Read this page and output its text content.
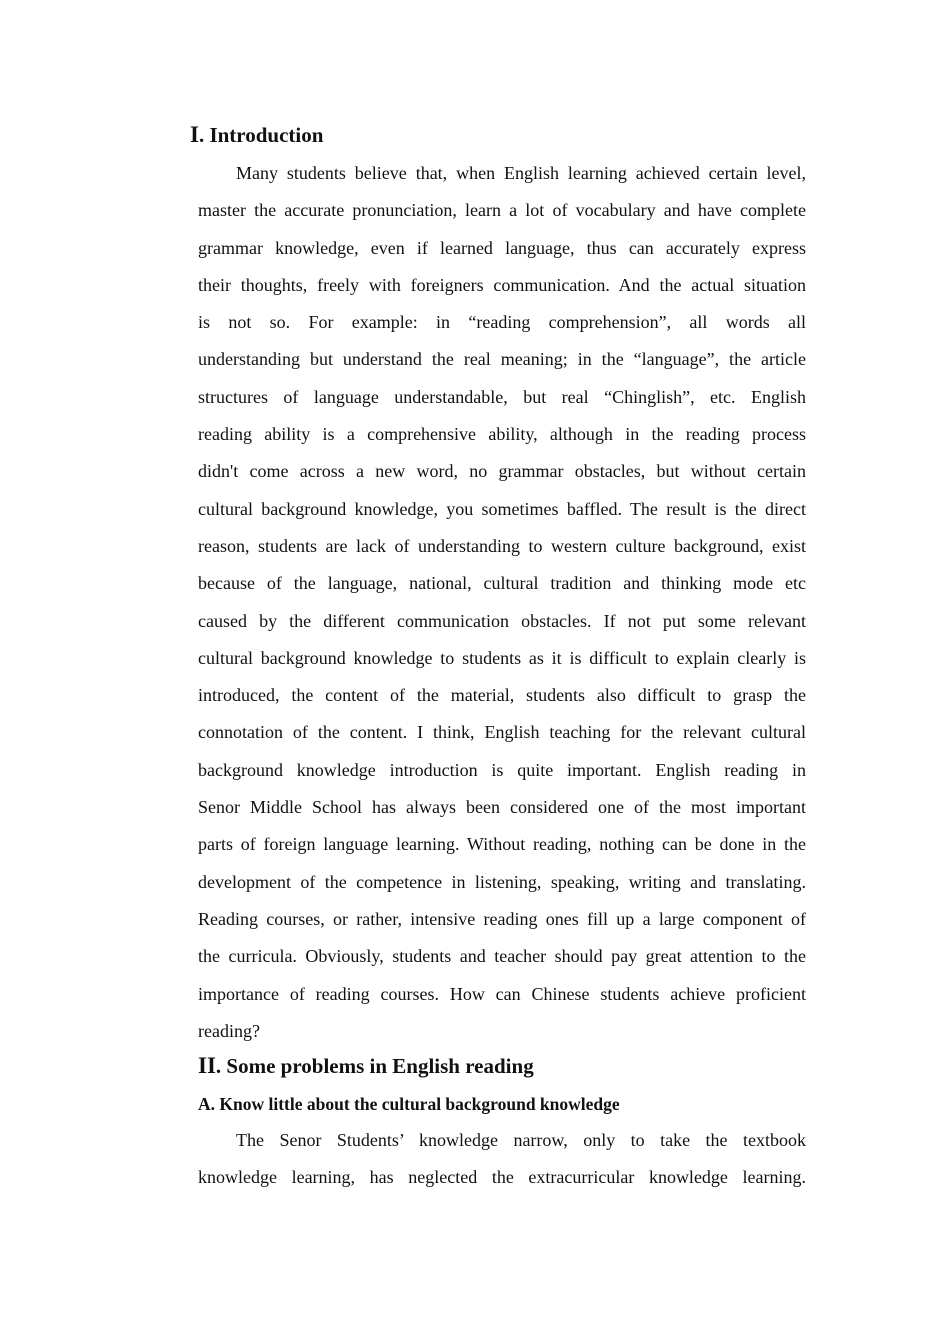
I. Introduction
Many students believe that, when English learning achieved certain level,
master the accurate pronunciation, learn a lot of vocabulary and have complete
grammar knowledge, even if learned language, thus can accurately express
their thoughts, freely with foreigners communication. And the actual situation
is not so. For example: in “reading comprehension”, all words all
understanding but understand the real meaning; in the “language”, the article
structures of language understandable, but real “Chinglish”, etc. English
reading ability is a comprehensive ability, although in the reading process
didn't come across a new word, no grammar obstacles, but without certain
cultural background knowledge, you sometimes baffled. The result is the direct
reason, students are lack of understanding to western culture background, exist
because of the language, national, cultural tradition and thinking mode etc
caused by the different communication obstacles. If not put some relevant
cultural background knowledge to students as it is difficult to explain clearly is
introduced, the content of the material, students also difficult to grasp the
connotation of the content. I think, English teaching for the relevant cultural
background knowledge introduction is quite important. English reading in
Senor Middle School has always been considered one of the most important
parts of foreign language learning. Without reading, nothing can be done in the
development of the competence in listening, speaking, writing and translating.
Reading courses, or rather, intensive reading ones fill up a large component of
the curricula. Obviously, students and teacher should pay great attention to the
importance of reading courses. How can Chinese students achieve proficient
reading?
II. Some problems in English reading
A. Know little about the cultural background knowledge
The Senor Students’ knowledge narrow, only to take the textbook
knowledge learning, has neglected the extracurricular knowledge learning.
